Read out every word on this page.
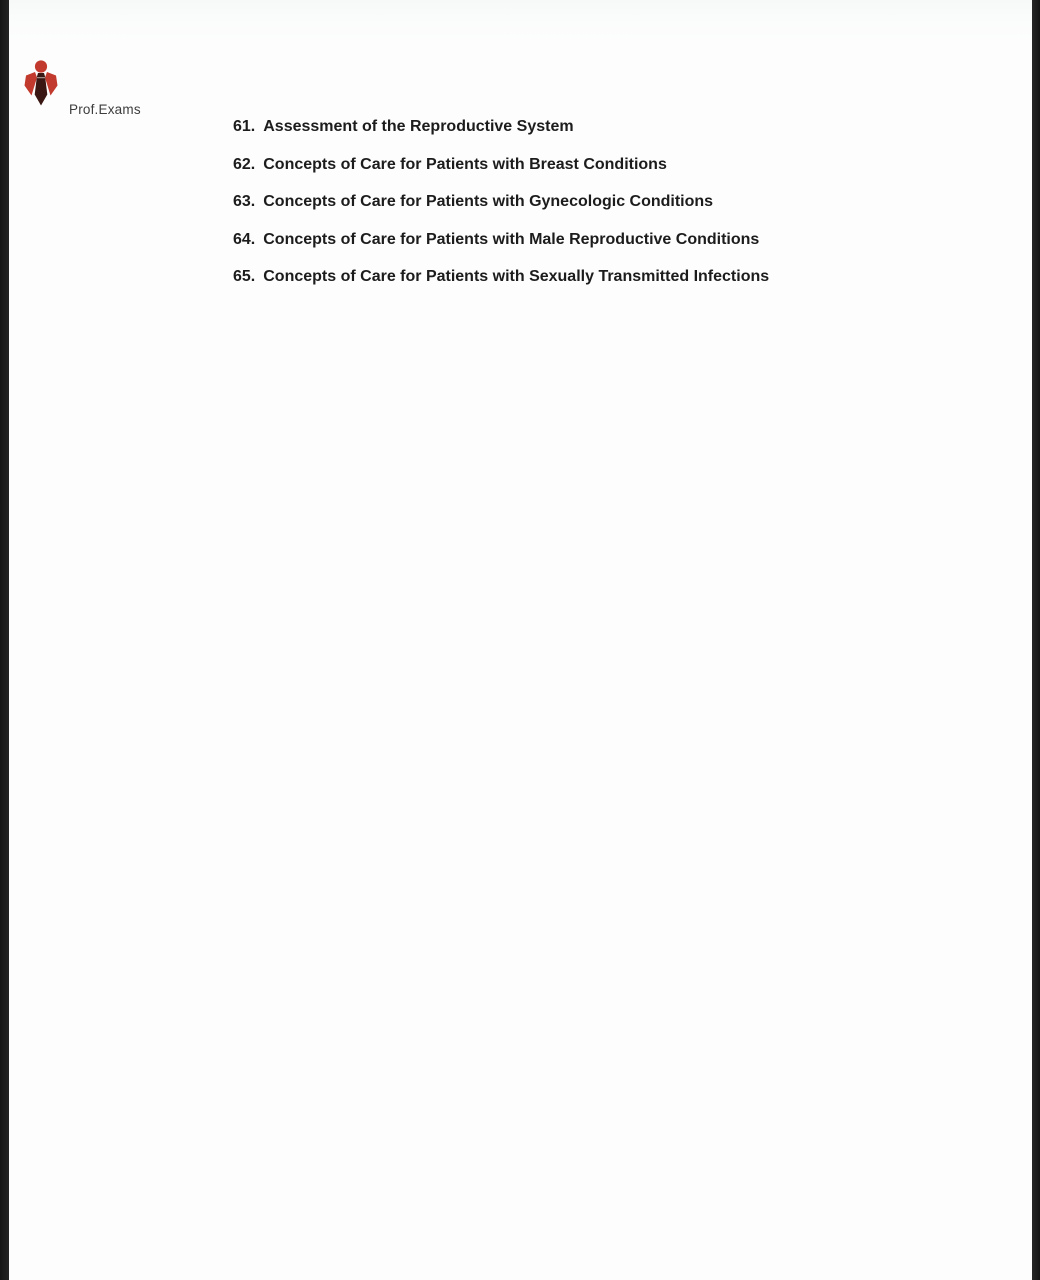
Prof.Exams
61. Assessment of the Reproductive System
62. Concepts of Care for Patients with Breast Conditions
63. Concepts of Care for Patients with Gynecologic Conditions
64. Concepts of Care for Patients with Male Reproductive Conditions
65. Concepts of Care for Patients with Sexually Transmitted Infections
